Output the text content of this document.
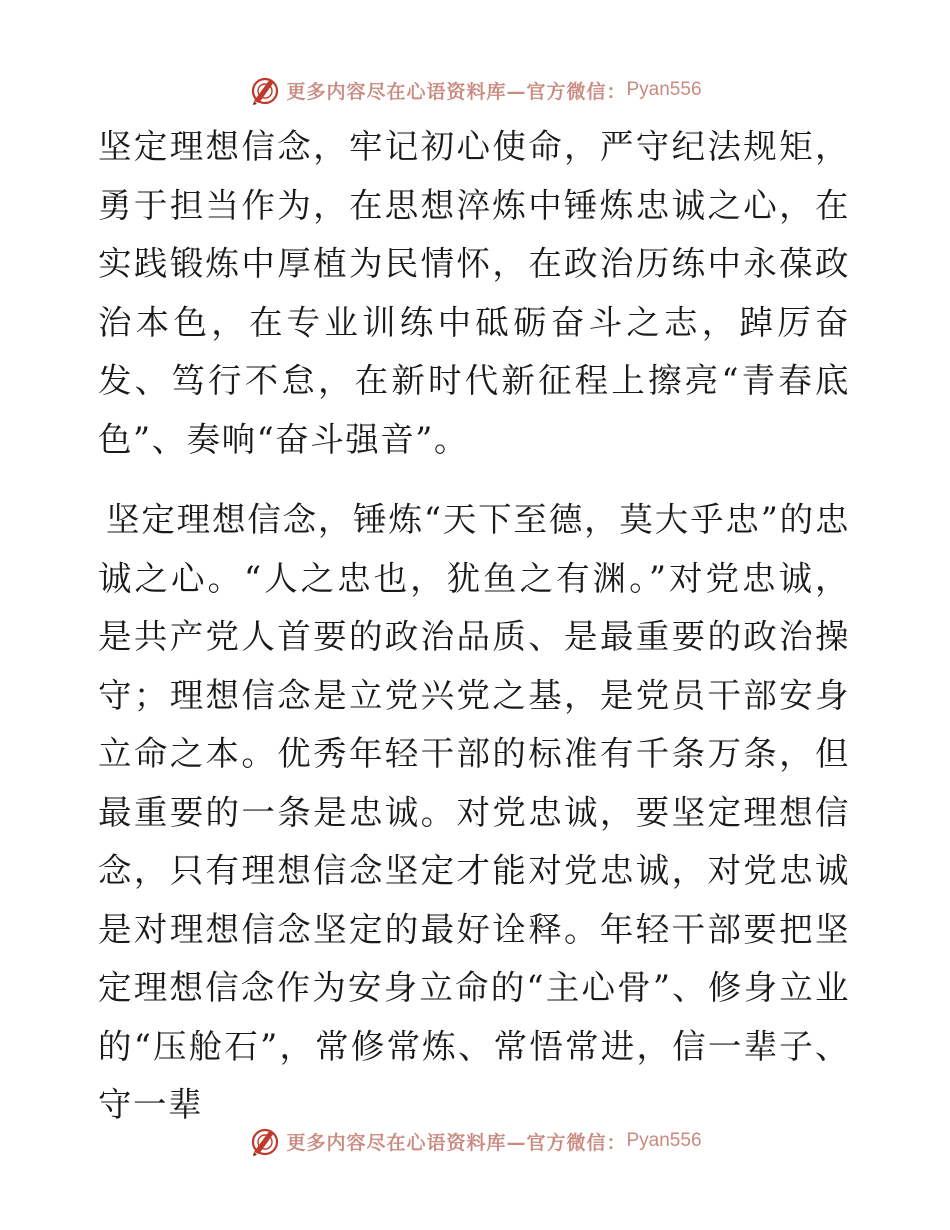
更多内容尽在心语资料库—官方微信： Pyan556

坚定理想信念，牢记初心使命，严守纪法规矩，勇于担当作为，在思想淬炼中锤炼忠诚之心，在实践锻炼中厚植为民情怀，在政治历练中永葆政治本色，在专业训练中砥砺奋斗之志，踔厉奋发、笃行不怠，在新时代新征程上擦亮“青春底色”、奏响“奋斗强音”。

坚定理想信念，锤炼“天下至德，莫大乎忠”的忠诚之心。“人之忠也，犹鱼之有渊。”对党忠诚，是共产党人首要的政治品质、是最重要的政治操守；理想信念是立党兴党之基，是党员干部安身立命之本。优秀年轻干部的标准有千条万条，但最重要的一条是忠诚。对党忠诚，要坚定理想信念，只有理想信念坚定才能对党忠诚，对党忠诚是对理想信念坚定的最好诠释。年轻干部要把坚定理想信念作为安身立命的“主心骨”、修身立业的“压舱石”，常修常炼、常悟常进，信一辈子、守一辈

更多内容尽在心语资料库—官方微信： Pyan556
